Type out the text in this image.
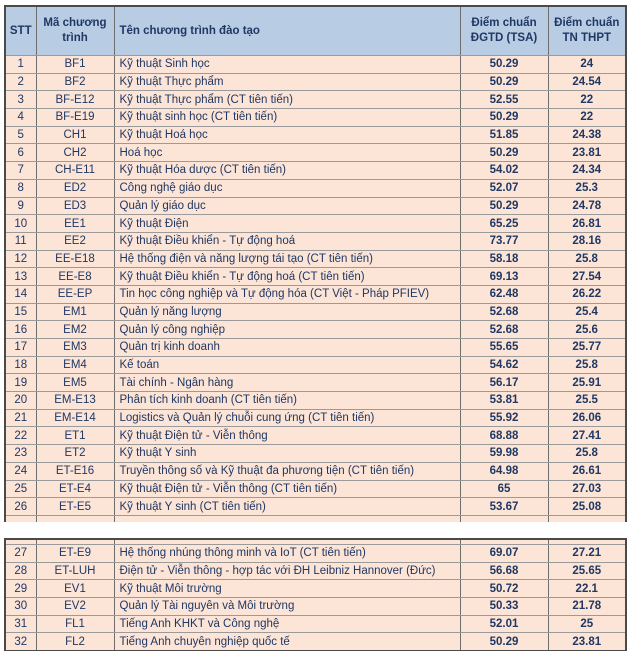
STT	Mã chương trình	Tên chương trình đào tạo	Điểm chuẩn ĐGTD (TSA)	Điểm chuẩn TN THPT
1	BF1	Kỹ thuật Sinh học	50.29	24
2	BF2	Kỹ thuật Thực phẩm	50.29	24.54
3	BF-E12	Kỹ thuật Thực phẩm (CT tiên tiến)	52.55	22
4	BF-E19	Kỹ thuật sinh học (CT tiên tiến)	50.29	22
5	CH1	Kỹ thuật Hoá học	51.85	24.38
6	CH2	Hoá học	50.29	23.81
7	CH-E11	Kỹ thuật Hóa dược (CT tiên tiến)	54.02	24.34
8	ED2	Công nghệ giáo dục	52.07	25.3
9	ED3	Quản lý giáo dục	50.29	24.78
10	EE1	Kỹ thuật Điện	65.25	26.81
11	EE2	Kỹ thuật Điều khiển - Tự động hoá	73.77	28.16
12	EE-E18	Hệ thống điện và năng lượng tái tạo (CT tiên tiến)	58.18	25.8
13	EE-E8	Kỹ thuật Điều khiển - Tự động hoá (CT tiên tiến)	69.13	27.54
14	EE-EP	Tin học công nghiệp và Tự động hóa (CT Việt - Pháp PFIEV)	62.48	26.22
15	EM1	Quản lý năng lượng	52.68	25.4
16	EM2	Quản lý công nghiệp	52.68	25.6
17	EM3	Quản trị kinh doanh	55.65	25.77
18	EM4	Kế toán	54.62	25.8
19	EM5	Tài chính - Ngân hàng	56.17	25.91
20	EM-E13	Phân tích kinh doanh (CT tiên tiến)	53.81	25.5
21	EM-E14	Logistics và Quản lý chuỗi cung ứng (CT tiên tiến)	55.92	26.06
22	ET1	Kỹ thuật Điện tử - Viễn thông	68.88	27.41
23	ET2	Kỹ thuật Y sinh	59.98	25.8
24	ET-E16	Truyền thông số và Kỹ thuật đa phương tiện (CT tiên tiến)	64.98	26.61
25	ET-E4	Kỹ thuật Điện tử - Viễn thông (CT tiên tiến)	65	27.03
26	ET-E5	Kỹ thuật Y sinh (CT tiên tiến)	53.67	25.08

27	ET-E9	Hệ thống nhúng thông minh và IoT (CT tiên tiến)	69.07	27.21
28	ET-LUH	Điện tử - Viễn thông - hợp tác với ĐH Leibniz Hannover (Đức)	56.68	25.65
29	EV1	Kỹ thuật Môi trường	50.72	22.1
30	EV2	Quản lý Tài nguyên và Môi trường	50.33	21.78
31	FL1	Tiếng Anh KHKT và Công nghệ	52.01	25
32	FL2	Tiếng Anh chuyên nghiệp quốc tế	50.29	23.81
